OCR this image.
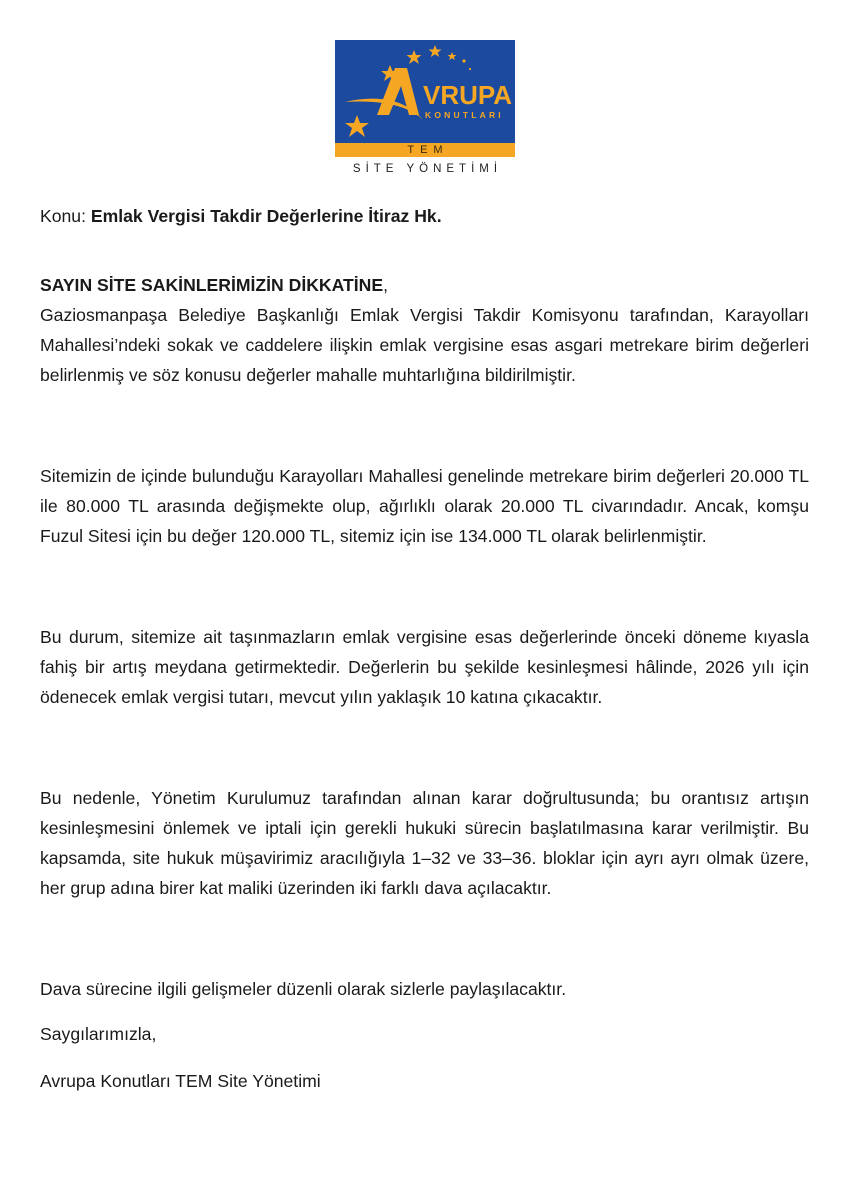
VRUPA
KONUTLARI
TEM
SİTE YÖNETİMİ
Konu: Emlak Vergisi Takdir Değerlerine İtiraz Hk.
SAYIN SİTE SAKİNLERİMİZİN DİKKATİNE,

Gaziosmanpaşa Belediye Başkanlığı Emlak Vergisi Takdir Komisyonu tarafından, Karayolları Mahallesi’ndeki sokak ve caddelere ilişkin emlak vergisine esas asgari metrekare birim değerleri belirlenmiş ve söz konusu değerler mahalle muhtarlığına bildirilmiştir.

Sitemizin de içinde bulunduğu Karayolları Mahallesi genelinde metrekare birim değerleri 20.000 TL ile 80.000 TL arasında değişmekte olup, ağırlıklı olarak 20.000 TL civarındadır. Ancak, komşu Fuzul Sitesi için bu değer 120.000 TL, sitemiz için ise 134.000 TL olarak belirlenmiştir.

Bu durum, sitemize ait taşınmazların emlak vergisine esas değerlerinde önceki döneme kıyasla fahiş bir artış meydana getirmektedir. Değerlerin bu şekilde kesinleşmesi hâlinde, 2026 yılı için ödenecek emlak vergisi tutarı, mevcut yılın yaklaşık 10 katına çıkacaktır.

Bu nedenle, Yönetim Kurulumuz tarafından alınan karar doğrultusunda; bu orantısız artışın kesinleşmesini önlemek ve iptali için gerekli hukuki sürecin başlatılmasına karar verilmiştir. Bu kapsamda, site hukuk müşavirimiz aracılığıyla 1–32 ve 33–36. bloklar için ayrı ayrı olmak üzere, her grup adına birer kat maliki üzerinden iki farklı dava açılacaktır.

Dava sürecine ilgili gelişmeler düzenli olarak sizlerle paylaşılacaktır.

Saygılarımızla,
Avrupa Konutları TEM Site Yönetimi
